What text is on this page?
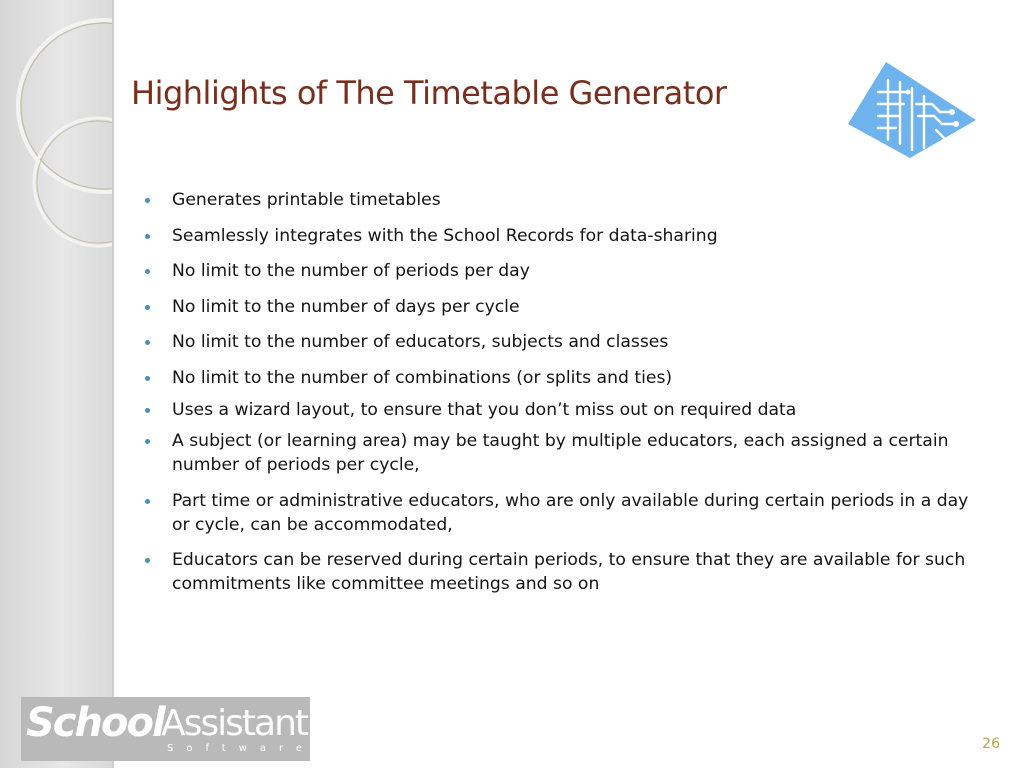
Highlights of The Timetable Generator
Generates printable timetables
Seamlessly integrates with the School Records for data-sharing
No limit to the number of periods per day
No limit to the number of days per cycle
No limit to the number of educators, subjects and classes
No limit to the number of combinations (or splits and ties)
Uses a wizard layout, to ensure that you don’t miss out on required data
A subject (or learning area) may be taught by multiple educators, each assigned a certain number of periods per cycle,
Part time or administrative educators, who are only available during certain periods in a day or cycle, can be accommodated,
Educators can be reserved during certain periods, to ensure that they are available for such commitments like committee meetings and so on
School
Assistant
Software	26
